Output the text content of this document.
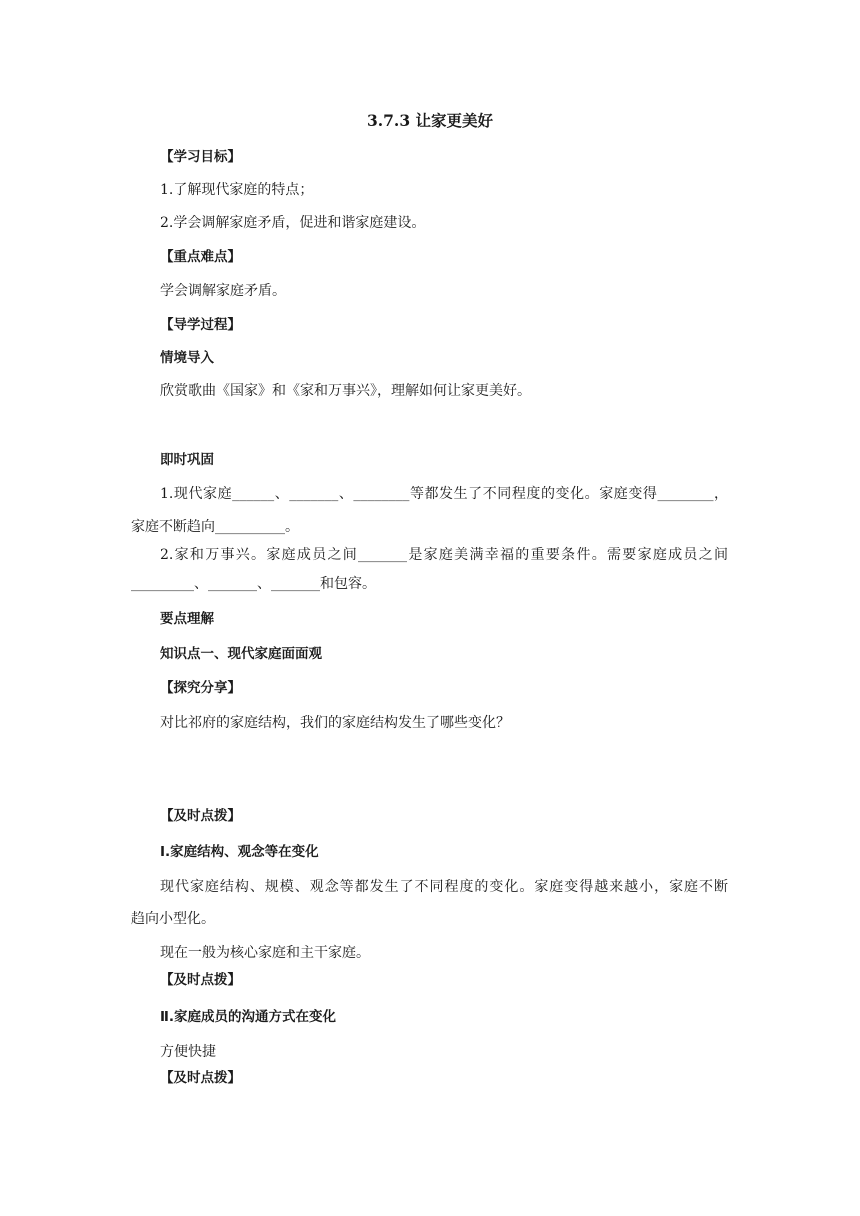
3.7.3 让家更美好
【学习目标】
1.了解现代家庭的特点；
2.学会调解家庭矛盾，促进和谐家庭建设。
【重点难点】
学会调解家庭矛盾。
【导学过程】
情境导入
欣赏歌曲《国家》和《家和万事兴》，理解如何让家更美好。
即时巩固
1.现代家庭______、_______、________等都发生了不同程度的变化。家庭变得________，
家庭不断趋向__________。
2.家和万事兴。家庭成员之间_______是家庭美满幸福的重要条件。需要家庭成员之间
_________、_______、_______和包容。
要点理解
知识点一、现代家庭面面观
【探究分享】
对比祁府的家庭结构，我们的家庭结构发生了哪些变化？
【及时点拨】
Ⅰ.家庭结构、观念等在变化
现代家庭结构、规模、观念等都发生了不同程度的变化。家庭变得越来越小，家庭不断
趋向小型化。
现在一般为核心家庭和主干家庭。
【及时点拨】
Ⅱ.家庭成员的沟通方式在变化
方便快捷
【及时点拨】
